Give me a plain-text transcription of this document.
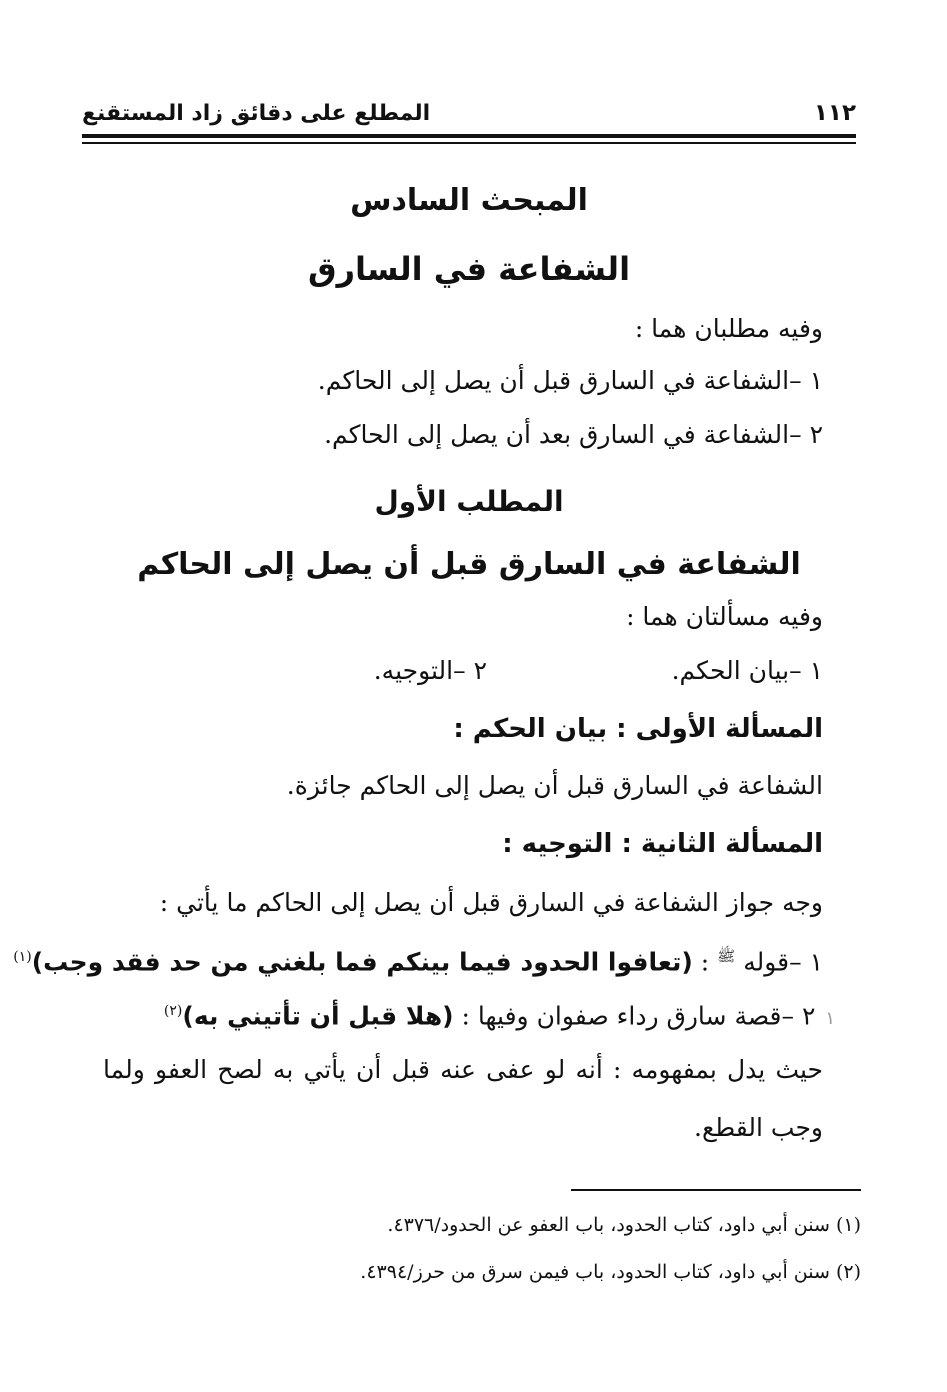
١١٢
المطلع على دقائق زاد المستقنع
المبحث السادس
الشفاعة في السارق
وفيه مطلبان هما :
١ –الشفاعة في السارق قبل أن يصل إلى الحاكم.
٢ –الشفاعة في السارق بعد أن يصل إلى الحاكم.
المطلب الأول
الشفاعة في السارق قبل أن يصل إلى الحاكم
وفيه مسألتان هما :
١ –بيان الحكم.
٢ –التوجيه.
المسألة الأولى : بيان الحكم :
الشفاعة في السارق قبل أن يصل إلى الحاكم جائزة.
المسألة الثانية : التوجيه :
وجه جواز الشفاعة في السارق قبل أن يصل إلى الحاكم ما يأتي :
١ –قوله $^ﷺ$ : (تعافوا الحدود فيما بينكم فما بلغني من حد فقد وجب)$^{(١)}$
١ ٢ –قصة سارق رداء صفوان وفيها : (هلا قبل أن تأتيني به)$^{(٢)}$
حيث يدل بمفهومه : أنه لو عفى عنه قبل أن يأتي به لصح العفو ولما وجب القطع.
(١) سنن أبي داود، كتاب الحدود، باب العفو عن الحدود/٤٣٧٦.
(٢) سنن أبي داود، كتاب الحدود، باب فيمن سرق من حرز/٤٣٩٤.
